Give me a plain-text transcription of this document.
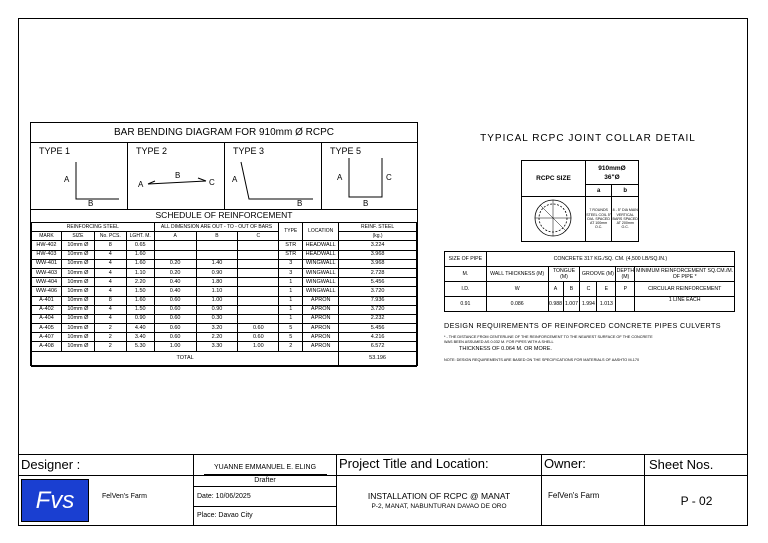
BAR BENDING DIAGRAM FOR 910mm Ø RCPC
TYPE 1
A
B
TYPE 2
A
B
C
TYPE 3
A
B
TYPE 5
A
B
C
SCHEDULE OF REINFORCEMENT
REINFORCING STEEL				ALL DIMENSION ARE OUT - TO - OUT OF BARS			TYPE	LOCATION	REINF. STEEL
MARK	SIZE	No. PCS.	LGHT. M.	A	B	C			(kg.)
HW-402	10mm Ø	8	0.65				STR	HEADWALL	3.224
HW-403	10mm Ø	4	1.60				STR	HEADWALL	3.968
WW-401	10mm Ø	4	1.60	0.20	1.40		3	WINGWALL	3.968
WW-403	10mm Ø	4	1.10	0.20	0.90		3	WINGWALL	2.728
WW-404	10mm Ø	4	2.20	0.40	1.80		1	WINGWALL	5.456
WW-406	10mm Ø	4	1.50	0.40	1.10		1	WINGWALL	3.720
A-401	10mm Ø	8	1.60	0.60	1.00		1	APRON	7.936
A-402	10mm Ø	4	1.50	0.60	0.90		1	APRON	3.720
A-404	10mm Ø	4	0.90	0.60	0.30		1	APRON	2.232
A-405	10mm Ø	2	4.40	0.60	3.20	0.60	5	APRON	5.456
A-407	10mm Ø	2	3.40	0.60	2.20	0.60	5	APRON	4.216
A-408	10mm Ø	2	5.30	1.00	3.30	1.00	2	APRON	6.572
TOTAL									53.196
TYPICAL RCPC JOINT COLLAR DETAIL
RCPC SIZE	910mmØ
36"Ø	
	a	b
	7 ROUNDS STEEL COIL 5" DIA. SPACED AT 100mm O.C.	8 - 5" DIA MAIN VERTICAL BARS SPACED AT 200mm O.C.
SIZE OF PIPE	CONCRETE 317 KG./SQ. CM. (4,500 LB/SQ.IN.)						
M.	WALL THICKNESS (M)	TONGUE (M)		GROOVE (M)		DEPTH (M)	MINIMUM REINFORCEMENT SQ.CM./M. OF PIPE *
I.D.	W	A	B	C	E	P	CIRCULAR REINFORCEMENT
0.91	0.086	0.988	1.007	1.994	1.013		1 LINE EACH
DESIGN REQUIREMENTS OF REINFORCED CONCRETE PIPES CULVERTS
* - THE DISTANCE FROM CENTERLINE OF THE REINFORCEMENT TO THE NEAREST SURFACE OF THE CONCRETE WAS BEEN ASSUMED AS 0.032 M. FOR PIPES WITH A SHELL
THICKNESS OF 0.064 M. OR MORE.
NOTE: DESIGN REQUIREMENTS ARE BASED ON THE SPECIFICATIONS FOR MATERIALS OF AASHTO M-170
Designer :
Fvs	FelVen's Farm
YUANNE EMMANUEL E. ELING
Drafter
Date: 10/06/2025
Place: Davao City
Project Title and Location:
INSTALLATION OF RCPC @ MANAT
P-2, MANAT, NABUNTURAN DAVAO DE ORO
Owner:
FelVen's Farm
Sheet Nos.
P - 02
